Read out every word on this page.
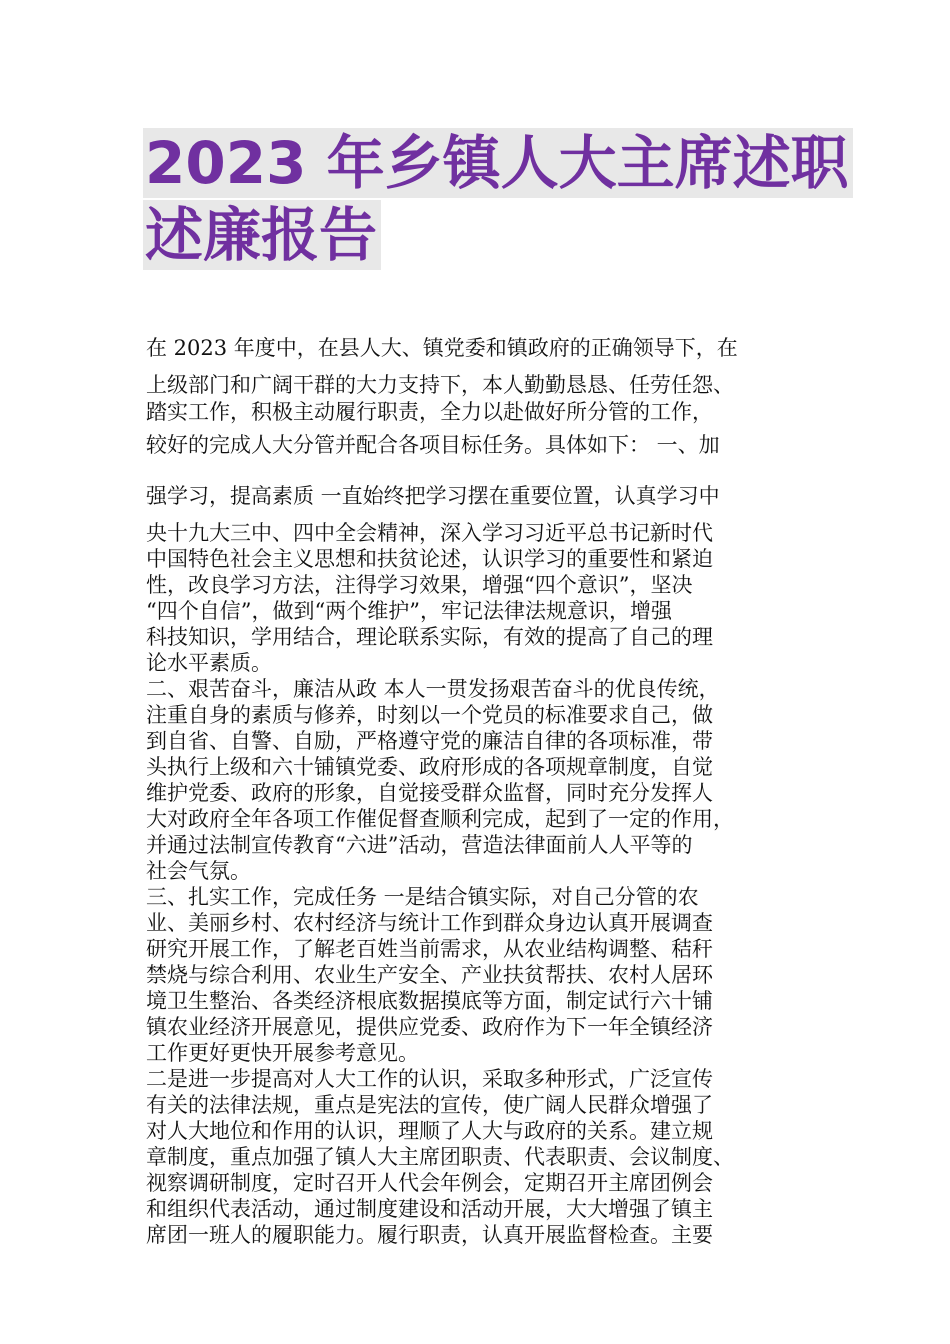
2023 年乡镇人大主席述职
述廉报告
在 2023 年度中，在县人大、镇党委和镇政府的正确领导下，在
上级部门和广阔干群的大力支持下，本人勤勤恳恳、任劳任怨、
踏实工作，积极主动履行职责，全力以赴做好所分管的工作，
较好的完成人大分管并配合各项目标任务。具体如下： 一、加
强学习，提高素质 一直始终把学习摆在重要位置，认真学习中
央十九大三中、四中全会精神，深入学习习近平总书记新时代
中国特色社会主义思想和扶贫论述，认识学习的重要性和紧迫
性，改良学习方法，注得学习效果，增强“四个意识”，坚决
“四个自信”，做到“两个维护”，牢记法律法规意识，增强
科技知识，学用结合，理论联系实际，有效的提高了自己的理
论水平素质。
二、艰苦奋斗，廉洁从政 本人一贯发扬艰苦奋斗的优良传统，
注重自身的素质与修养，时刻以一个党员的标准要求自己，做
到自省、自警、自励，严格遵守党的廉洁自律的各项标准，带
头执行上级和六十铺镇党委、政府形成的各项规章制度，自觉
维护党委、政府的形象，自觉接受群众监督，同时充分发挥人
大对政府全年各项工作催促督查顺利完成，起到了一定的作用，
并通过法制宣传教育“六进”活动，营造法律面前人人平等的
社会气氛。
三、扎实工作，完成任务 一是结合镇实际，对自己分管的农
业、美丽乡村、农村经济与统计工作到群众身边认真开展调查
研究开展工作，了解老百姓当前需求，从农业结构调整、秸秆
禁烧与综合利用、农业生产安全、产业扶贫帮扶、农村人居环
境卫生整治、各类经济根底数据摸底等方面，制定试行六十铺
镇农业经济开展意见，提供应党委、政府作为下一年全镇经济
工作更好更快开展参考意见。
二是进一步提高对人大工作的认识，采取多种形式，广泛宣传
有关的法律法规，重点是宪法的宣传，使广阔人民群众增强了
对人大地位和作用的认识，理顺了人大与政府的关系。建立规
章制度，重点加强了镇人大主席团职责、代表职责、会议制度、
视察调研制度，定时召开人代会年例会，定期召开主席团例会
和组织代表活动，通过制度建设和活动开展，大大增强了镇主
席团一班人的履职能力。履行职责，认真开展监督检查。主要
